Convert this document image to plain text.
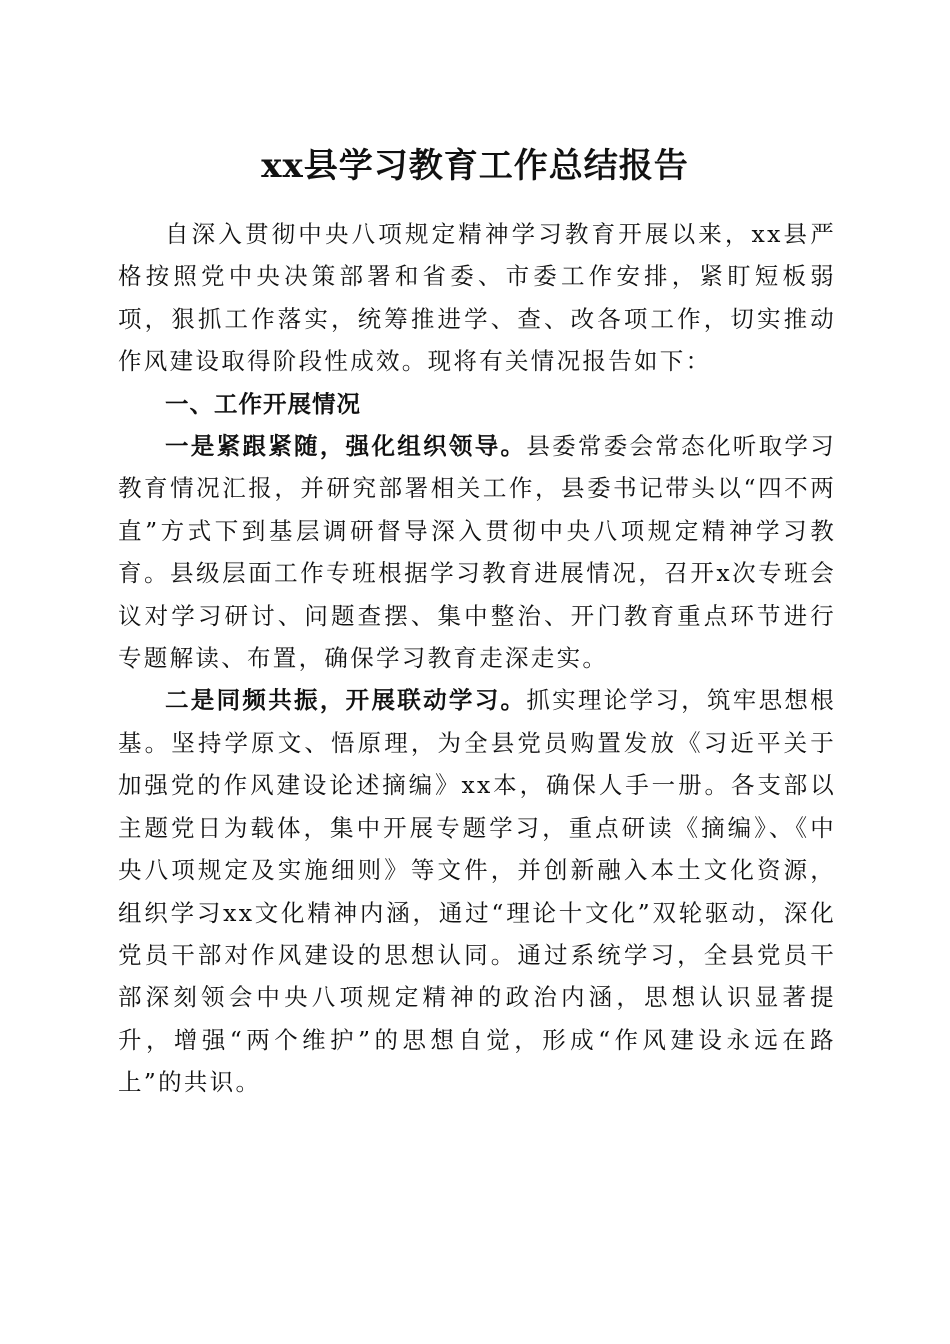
xx县学习教育工作总结报告

自深入贯彻中央八项规定精神学习教育开展以来，xx县严格按照党中央决策部署和省委、市委工作安排，紧盯短板弱项，狠抓工作落实，统筹推进学、查、改各项工作，切实推动作风建设取得阶段性成效。现将有关情况报告如下：

一、工作开展情况

一是紧跟紧随，强化组织领导。县委常委会常态化听取学习教育情况汇报，并研究部署相关工作，县委书记带头以“四不两直”方式下到基层调研督导深入贯彻中央八项规定精神学习教育。县级层面工作专班根据学习教育进展情况，召开x次专班会议对学习研讨、问题查摆、集中整治、开门教育重点环节进行专题解读、布置，确保学习教育走深走实。

二是同频共振，开展联动学习。抓实理论学习，筑牢思想根基。坚持学原文、悟原理，为全县党员购置发放《习近平关于加强党的作风建设论述摘编》xx本，确保人手一册。各支部以主题党日为载体，集中开展专题学习，重点研读《摘编》、《中央八项规定及实施细则》等文件，并创新融入本土文化资源，组织学习xx文化精神内涵，通过“理论十文化”双轮驱动，深化党员干部对作风建设的思想认同。通过系统学习，全县党员干部深刻领会中央八项规定精神的政治内涵，思想认识显著提升，增强“两个维护”的思想自觉，形成“作风建设永远在路上”的共识。
